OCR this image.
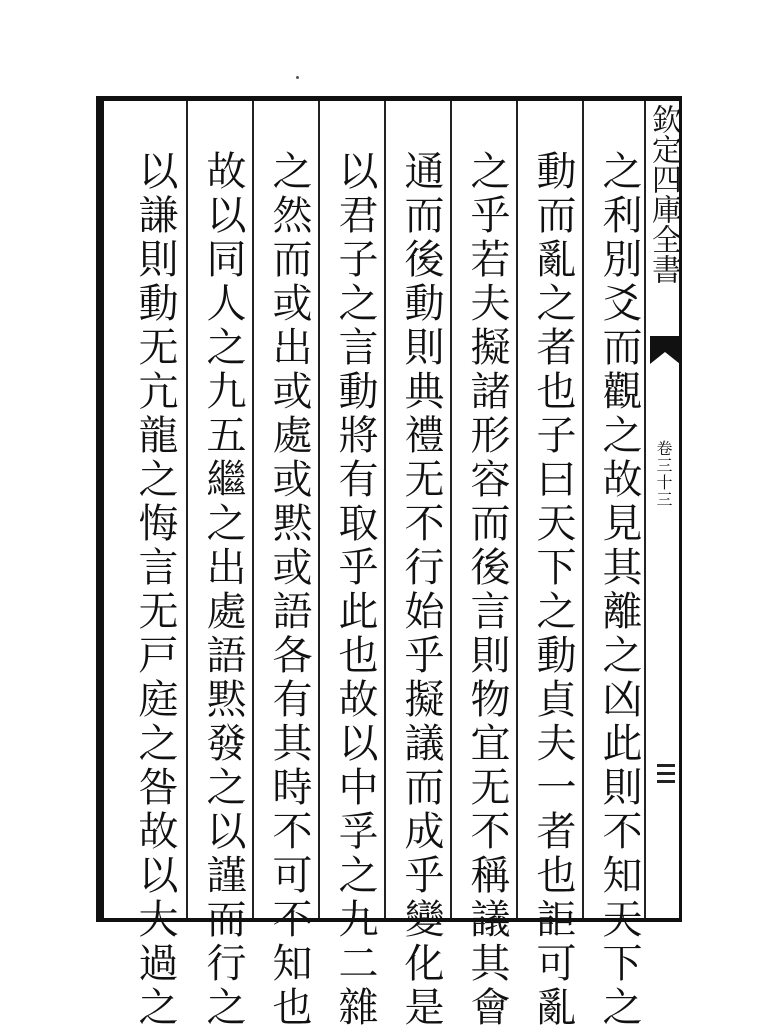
欽定四庫全書
卷三十三
之利別爻而觀之故見其離之凶此則不知天下之
動而亂之者也子曰天下之動貞夫一者也詎可亂
之乎若夫擬諸形容而後言則物宜无不稱議其會
通而後動則典禮无不行始乎擬議而成乎變化是
以君子之言動將有取乎此也故以中孚之九二雜
之然而或出或處或黙或語各有其時不可不知也
故以同人之九五繼之出處語黙發之以謹而行之
以謙則動无亢龍之悔言无戸庭之咎故以大過之
